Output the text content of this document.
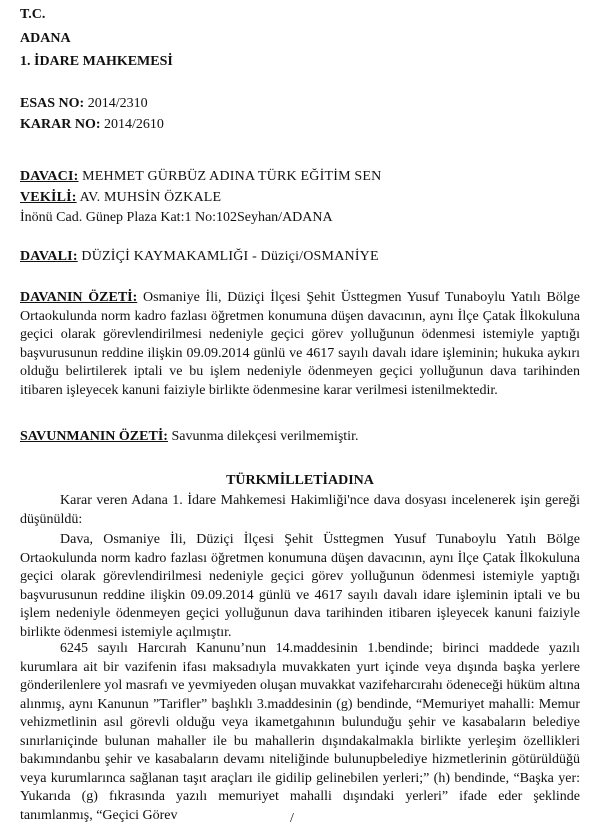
T.C.
ADANA
1. İDARE MAHKEMESİ
ESAS NO: 2014/2310
KARAR NO: 2014/2610
DAVACI: MEHMET GÜRBÜZ ADINA TÜRK EĞİTİM SEN
VEKİLİ: AV. MUHSİN ÖZKALE
İnönü Cad. Günep Plaza Kat:1 No:102Seyhan/ADANA
DAVALI: DÜZİÇİ KAYMAKAMLIĞI - Düziçi/OSMANİYE
DAVANIN ÖZETİ: Osmaniye İli, Düziçi İlçesi Şehit Üsttegmen Yusuf Tunaboylu Yatılı Bölge Ortaokulunda norm kadro fazlası öğretmen konumuna düşen davacının, aynı İlçe Çatak İlkokuluna geçici olarak görevlendirilmesi nedeniyle geçici görev yolluğunun ödenmesi istemiyle yaptığı başvurusunun reddine ilişkin 09.09.2014 günlü ve 4617 sayılı davalı idare işleminin; hukuka aykırı olduğu belirtilerek iptali ve bu işlem nedeniyle ödenmeyen geçici yolluğunun dava tarihinden itibaren işleyecek kanuni faiziyle birlikte ödenmesine karar verilmesi istenilmektedir.
SAVUNMANIN ÖZETİ: Savunma dilekçesi verilmemiştir.
TÜRKMİLLETİADINA
Karar veren Adana 1. İdare Mahkemesi Hakimliği'nce dava dosyası incelenerek işin gereği düşünüldü:
Dava, Osmaniye İli, Düziçi İlçesi Şehit Üsttegmen Yusuf Tunaboylu Yatılı Bölge Ortaokulunda norm kadro fazlası öğretmen konumuna düşen davacının, aynı İlçe Çatak İlkokuluna geçici olarak görevlendirilmesi nedeniyle geçici görev yolluğunun ödenmesi istemiyle yaptığı başvurusunun reddine ilişkin 09.09.2014 günlü ve 4617 sayılı davalı idare işleminin iptali ve bu işlem nedeniyle ödenmeyen geçici yolluğunun dava tarihinden itibaren işleyecek kanuni faiziyle birlikte ödenmesi istemiyle açılmıştır.
6245 sayılı Harcırah Kanunu’nun 14.maddesinin 1.bendinde; birinci maddede yazılı kurumlara ait bir vazifenin ifası maksadıyla muvakkaten yurt içinde veya dışında başka yerlere gönderilenlere yol masrafı ve yevmiyeden oluşan muvakkat vazifeharcırahı ödeneceği hüküm altına alınmış, aynı Kanunun ”Tarifler” başlıklı 3.maddesinin (g) bendinde, “Memuriyet mahalli: Memur vehizmetlinin asıl görevli olduğu veya ikametgahının bulunduğu şehir ve kasabaların belediye sınırlarıiçinde bulunan mahaller ile bu mahallerin dışındakalmakla birlikte yerleşim özellikleri bakımındanbu şehir ve kasabaların devamı niteliğinde bulunupbelediye hizmetlerinin götürüldüğü veya kurumlarınca sağlanan taşıt araçları ile gidilip gelinebilen yerleri;” (h) bendinde, “Başka yer: Yukarıda (g) fıkrasında yazılı memuriyet mahalli dışındaki yerleri” ifade eder şeklinde tanımlanmış, “Geçici Görev	/
